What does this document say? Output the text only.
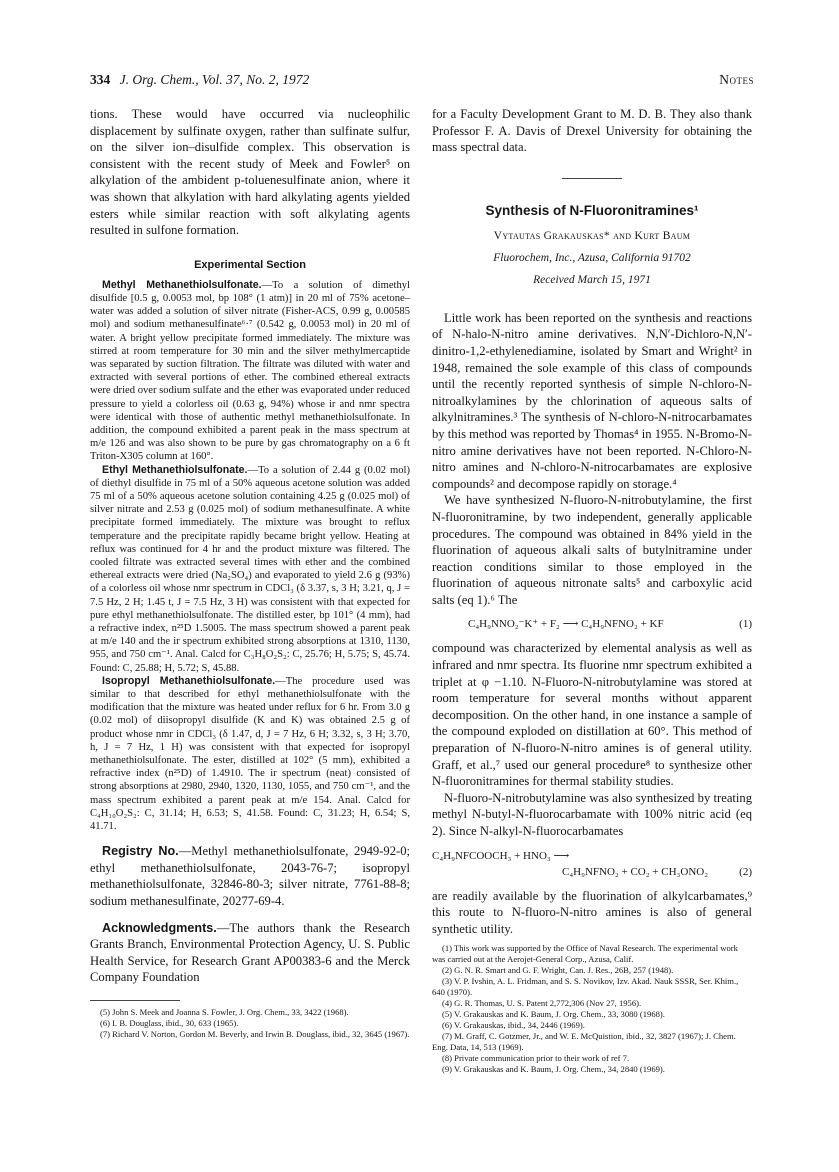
334 J. Org. Chem., Vol. 37, No. 2, 1972	Notes

tions. These would have occurred via nucleophilic displacement by sulfinate oxygen, rather than sulfinate sulfur, on the silver ion–disulfide complex. This observation is consistent with the recent study of Meek and Fowler⁵ on alkylation of the ambident p-toluenesulfinate anion, where it was shown that alkylation with hard alkylating agents yielded esters while similar reaction with soft alkylating agents resulted in sulfone formation.

Experimental Section

Methyl Methanethiolsulfonate.—To a solution of dimethyl disulfide [0.5 g, 0.0053 mol, bp 108° (1 atm)] in 20 ml of 75% acetone–water was added a solution of silver nitrate (Fisher-ACS, 0.99 g, 0.00585 mol) and sodium methanesulfinate⁶·⁷ (0.542 g, 0.0053 mol) in 20 ml of water. A bright yellow precipitate formed immediately. The mixture was stirred at room temperature for 30 min and the silver methylmercaptide was separated by suction filtration. The filtrate was diluted with water and extracted with several portions of ether. The combined ethereal extracts were dried over sodium sulfate and the ether was evaporated under reduced pressure to yield a colorless oil (0.63 g, 94%) whose ir and nmr spectra were identical with those of authentic methyl methanethiolsulfonate. In addition, the compound exhibited a parent peak in the mass spectrum at m/e 126 and was also shown to be pure by gas chromatography on a 6 ft Triton-X305 column at 160°.

Ethyl Methanethiolsulfonate.—To a solution of 2.44 g (0.02 mol) of diethyl disulfide in 75 ml of a 50% aqueous acetone solution was added 75 ml of a 50% aqueous acetone solution containing 4.25 g (0.025 mol) of silver nitrate and 2.53 g (0.025 mol) of sodium methanesulfinate. A white precipitate formed immediately. The mixture was brought to reflux temperature and the precipitate rapidly became bright yellow. Heating at reflux was continued for 4 hr and the product mixture was filtered. The cooled filtrate was extracted several times with ether and the combined ethereal extracts were dried (Na₂SO₄) and evaporated to yield 2.6 g (93%) of a colorless oil whose nmr spectrum in CDCl₃ (δ 3.37, s, 3 H; 3.21, q, J = 7.5 Hz, 2 H; 1.45 t, J = 7.5 Hz, 3 H) was consistent with that expected for pure ethyl methanethiolsulfonate. The distilled ester, bp 101° (4 mm), had a refractive index, n²⁵D 1.5005. The mass spectrum showed a parent peak at m/e 140 and the ir spectrum exhibited strong absorptions at 1310, 1130, 955, and 750 cm⁻¹. Anal. Calcd for C₃H₈O₂S₂: C, 25.76; H, 5.75; S, 45.74. Found: C, 25.88; H, 5.72; S, 45.88.

Isopropyl Methanethiolsulfonate.—The procedure used was similar to that described for ethyl methanethiolsulfonate with the modification that the mixture was heated under reflux for 6 hr. From 3.0 g (0.02 mol) of diisopropyl disulfide (K and K) was obtained 2.5 g of product whose nmr in CDCl₃ (δ 1.47, d, J = 7 Hz, 6 H; 3.32, s, 3 H; 3.70, h, J = 7 Hz, 1 H) was consistent with that expected for isopropyl methanethiolsulfonate. The ester, distilled at 102° (5 mm), exhibited a refractive index (n²⁵D) of 1.4910. The ir spectrum (neat) consisted of strong absorptions at 2980, 2940, 1320, 1130, 1055, and 750 cm⁻¹, and the mass spectrum exhibited a parent peak at m/e 154. Anal. Calcd for C₄H₁₀O₂S₂: C, 31.14; H, 6.53; S, 41.58. Found: C, 31.23; H, 6.54; S, 41.71.

Registry No.—Methyl methanethiolsulfonate, 2949-92-0; ethyl methanethiolsulfonate, 2043-76-7; isopropyl methanethiolsulfonate, 32846-80-3; silver nitrate, 7761-88-8; sodium methanesulfinate, 20277-69-4.

Acknowledgments.—The authors thank the Research Grants Branch, Environmental Protection Agency, U. S. Public Health Service, for Research Grant AP00383-6 and the Merck Company Foundation

(5) John S. Meek and Joanna S. Fowler, J. Org. Chem., 33, 3422 (1968).

(6) I. B. Douglass, ibid., 30, 633 (1965).

(7) Richard V. Norton, Gordon M. Beverly, and Irwin B. Douglass, ibid., 32, 3645 (1967).

for a Faculty Development Grant to M. D. B. They also thank Professor F. A. Davis of Drexel University for obtaining the mass spectral data.

Synthesis of N-Fluoronitramines¹
Vytautas Grakauskas* and Kurt Baum
Fluorochem, Inc., Azusa, California 91702
Received March 15, 1971

Little work has been reported on the synthesis and reactions of N-halo-N-nitro amine derivatives. N,N′-Dichloro-N,N′-dinitro-1,2-ethylenediamine, isolated by Smart and Wright² in 1948, remained the sole example of this class of compounds until the recently reported synthesis of simple N-chloro-N-nitroalkylamines by the chlorination of aqueous salts of alkylnitramines.³ The synthesis of N-chloro-N-nitrocarbamates by this method was reported by Thomas⁴ in 1955. N-Bromo-N-nitro amine derivatives have not been reported. N-Chloro-N-nitro amines and N-chloro-N-nitrocarbamates are explosive compounds² and decompose rapidly on storage.⁴

We have synthesized N-fluoro-N-nitrobutylamine, the first N-fluoronitramine, by two independent, generally applicable procedures. The compound was obtained in 84% yield in the fluorination of aqueous alkali salts of butylnitramine under reaction conditions similar to those employed in the fluorination of aqueous nitronate salts⁵ and carboxylic acid salts (eq 1).⁶ The

C₄H₉NNO₂⁻K⁺ + F₂ ⟶ C₄H₉NFNO₂ + KF	(1)

compound was characterized by elemental analysis as well as infrared and nmr spectra. Its fluorine nmr spectrum exhibited a triplet at φ −1.10. N-Fluoro-N-nitrobutylamine was stored at room temperature for several months without apparent decomposition. On the other hand, in one instance a sample of the compound exploded on distillation at 60°. This method of preparation of N-fluoro-N-nitro amines is of general utility. Graff, et al.,⁷ used our general procedure⁸ to synthesize other N-fluoronitramines for thermal stability studies.

N-fluoro-N-nitrobutylamine was also synthesized by treating methyl N-butyl-N-fluorocarbamate with 100% nitric acid (eq 2). Since N-alkyl-N-fluorocarbamates

C₄H₉NFCOOCH₃ + HNO₃ ⟶
C₄H₉NFNO₂ + CO₂ + CH₃ONO₂	(2)

are readily available by the fluorination of alkylcarbamates,⁹ this route to N-fluoro-N-nitro amines is also of general synthetic utility.

(1) This work was supported by the Office of Naval Research. The experimental work was carried out at the Aerojet-General Corp., Azusa, Calif.

(2) G. N. R. Smart and G. F. Wright, Can. J. Res., 26B, 257 (1948).

(3) V. P. Ivshin, A. L. Fridman, and S. S. Novikov, Izv. Akad. Nauk SSSR, Ser. Khim., 640 (1970).

(4) G. R. Thomas, U. S. Patent 2,772,306 (Nov 27, 1956).

(5) V. Grakauskas and K. Baum, J. Org. Chem., 33, 3080 (1968).

(6) V. Grakauskas, ibid., 34, 2446 (1969).

(7) M. Graff, C. Gotzmer, Jr., and W. E. McQuistion, ibid., 32, 3827 (1967); J. Chem. Eng. Data, 14, 513 (1969).

(8) Private communication prior to their work of ref 7.

(9) V. Grakauskas and K. Baum, J. Org. Chem., 34, 2840 (1969).
